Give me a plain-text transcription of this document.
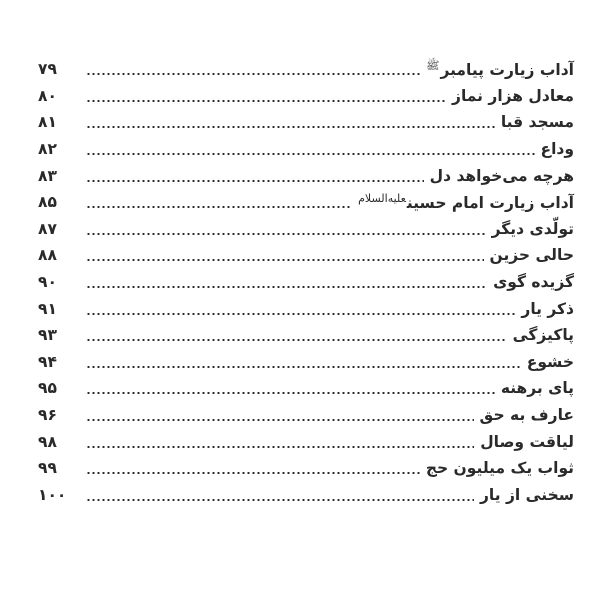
آداب زیارت پیامبر$^ﷺ$
۷۹
معادل هزار نماز
۸۰
مسجد قبا
۸۱
وداع
۸۲
هرچه می‌خواهد دل
۸۳
آداب زیارت امام حسین$^{علیه‌السلام}$
۸۵
تولّدی دیگر
۸۷
حالی حزین
۸۸
گزیده گوی
۹۰
ذکر یار
۹۱
پاکیزگی
۹۳
خشوع
۹۴
پای برهنه
۹۵
عارف به حق
۹۶
لیاقت وصال
۹۸
ثواب یک میلیون حج
۹۹
سخنی از یار
۱۰۰
